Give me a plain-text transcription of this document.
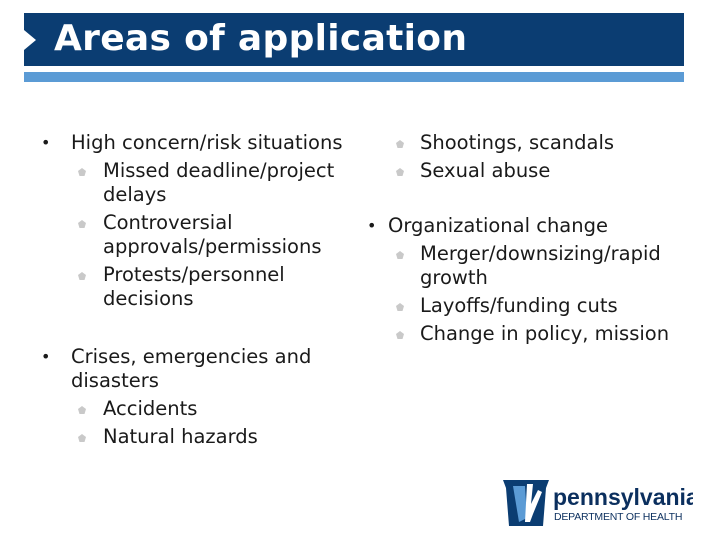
Areas of application
• High concern/risk situations
Missed deadline/project delays
Controversial approvals/permissions
Protests/personnel decisions
• Crises, emergencies and disasters
Accidents
Natural hazards
Shootings, scandals
Sexual abuse
• Organizational change
Merger/downsizing/rapid growth
Layoffs/funding cuts
Change in policy, mission
pennsylvania
DEPARTMENT OF HEALTH
